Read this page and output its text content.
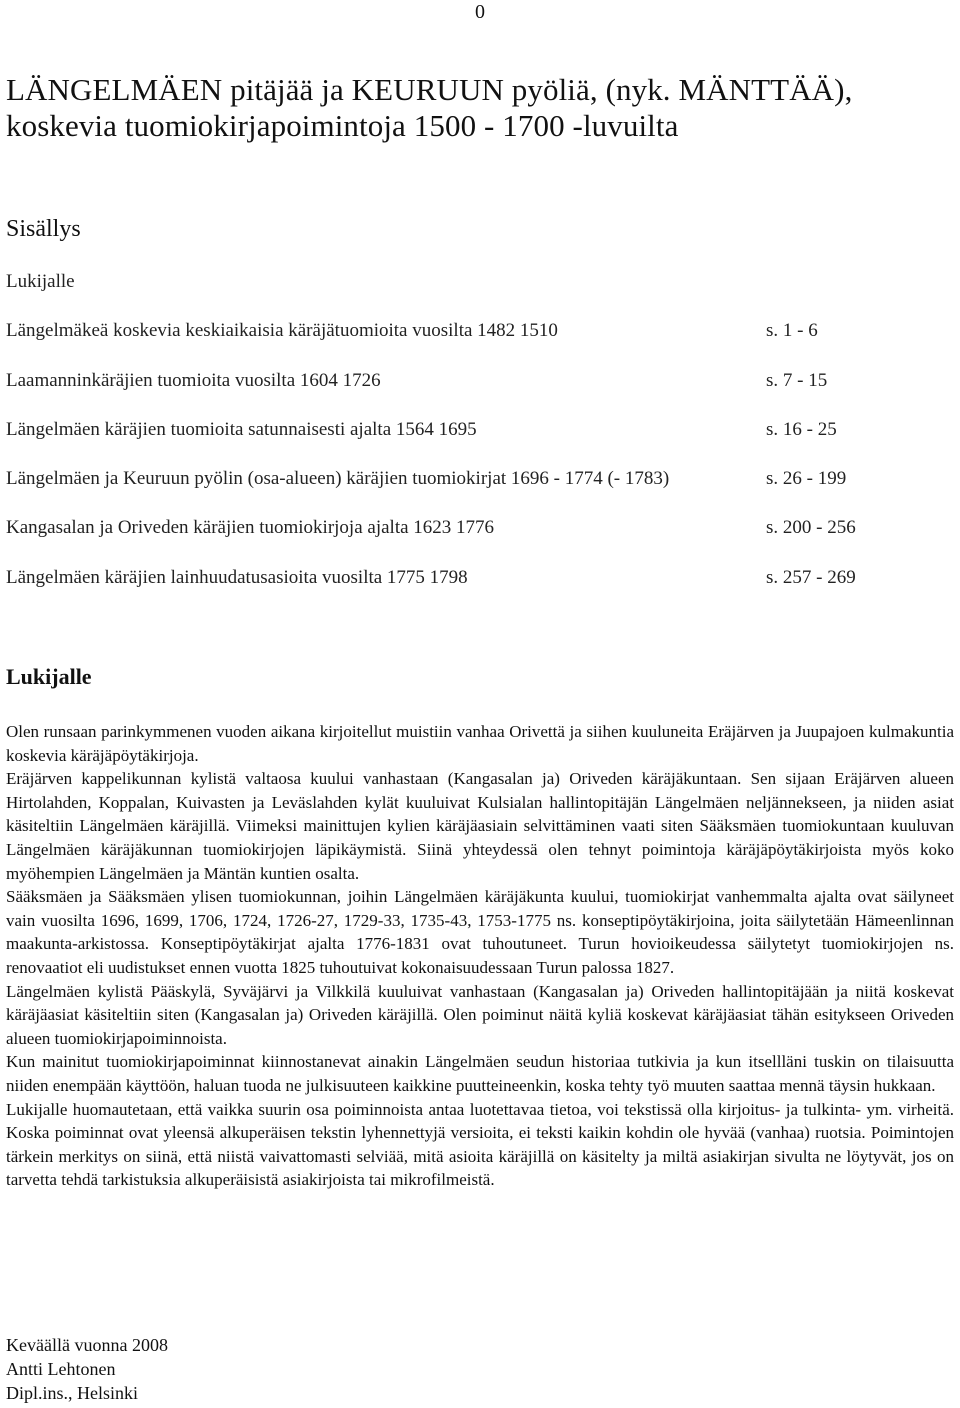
0
LÄNGELMÄEN pitäjää ja KEURUUN pyöliä, (nyk. MÄNTTÄÄ),
koskevia tuomiokirjapoimintoja 1500 - 1700 -luvuilta
Sisällys
Lukijalle
Längelmäkeä koskevia keskiaikaisia käräjätuomioita vuosilta 1482 1510	s. 1 - 6
Laamanninkäräjien tuomioita vuosilta 1604 1726	s. 7 - 15
Längelmäen käräjien tuomioita satunnaisesti ajalta 1564 1695	s. 16 - 25
Längelmäen ja Keuruun pyölin (osa-alueen) käräjien tuomiokirjat 1696 - 1774 (- 1783)	s. 26 - 199
Kangasalan ja Oriveden käräjien tuomiokirjoja ajalta 1623 1776	s. 200 - 256
Längelmäen käräjien lainhuudatusasioita vuosilta 1775 1798	s. 257 - 269
Lukijalle

Olen runsaan parinkymmenen vuoden aikana kirjoitellut muistiin vanhaa Orivettä ja siihen kuuluneita Eräjärven ja Juupajoen kulmakuntia koskevia käräjäpöytäkirjoja.

Eräjärven kappelikunnan kylistä valtaosa kuului vanhastaan (Kangasalan ja) Oriveden käräjäkuntaan. Sen sijaan Eräjärven alueen Hirtolahden, Koppalan, Kuivasten ja Leväslahden kylät kuuluivat Kulsialan hallintopitäjän Längelmäen neljännekseen, ja niiden asiat käsiteltiin Längelmäen käräjillä. Viimeksi mainittujen kylien käräjäasiain selvittäminen vaati siten Sääksmäen tuomiokuntaan kuuluvan Längelmäen käräjäkunnan tuomiokirjojen läpikäymistä. Siinä yhteydessä olen tehnyt poimintoja käräjäpöytäkirjoista myös koko myöhempien Längelmäen ja Mäntän kuntien osalta.

Sääksmäen ja Sääksmäen ylisen tuomiokunnan, joihin Längelmäen käräjäkunta kuului, tuomiokirjat vanhemmalta ajalta ovat säilyneet vain vuosilta 1696, 1699, 1706, 1724, 1726-27, 1729-33, 1735-43, 1753-1775 ns. konseptipöytäkirjoina, joita säilytetään Hämeenlinnan maakunta-arkistossa. Konseptipöytäkirjat ajalta 1776-1831 ovat tuhoutuneet. Turun hovioikeudessa säilytetyt tuomiokirjojen ns. renovaatiot eli uudistukset ennen vuotta 1825 tuhoutuivat kokonaisuudessaan Turun palossa 1827.

Längelmäen kylistä Pääskylä, Syväjärvi ja Vilkkilä kuuluivat vanhastaan (Kangasalan ja) Oriveden hallintopitäjään ja niitä koskevat käräjäasiat käsiteltiin siten (Kangasalan ja) Oriveden käräjillä. Olen poiminut näitä kyliä koskevat käräjäasiat tähän esitykseen Oriveden alueen tuomiokirjapoiminnoista.

Kun mainitut tuomiokirjapoiminnat kiinnostanevat ainakin Längelmäen seudun historiaa tutkivia ja kun itsellläni tuskin on tilaisuutta niiden enempään käyttöön, haluan tuoda ne julkisuuteen kaikkine puutteineenkin, koska tehty työ muuten saattaa mennä täysin hukkaan.

Lukijalle huomautetaan, että vaikka suurin osa poiminnoista antaa luotettavaa tietoa, voi tekstissä olla kirjoitus- ja tulkinta- ym. virheitä. Koska poiminnat ovat yleensä alkuperäisen tekstin lyhennettyjä versioita, ei teksti kaikin kohdin ole hyvää (vanhaa) ruotsia. Poimintojen tärkein merkitys on siinä, että niistä vaivattomasti selviää, mitä asioita käräjillä on käsitelty ja miltä asiakirjan sivulta ne löytyvät, jos on tarvetta tehdä tarkistuksia alkuperäisistä asiakirjoista tai mikrofilmeistä.

Keväällä vuonna 2008
Antti Lehtonen
Dipl.ins., Helsinki
